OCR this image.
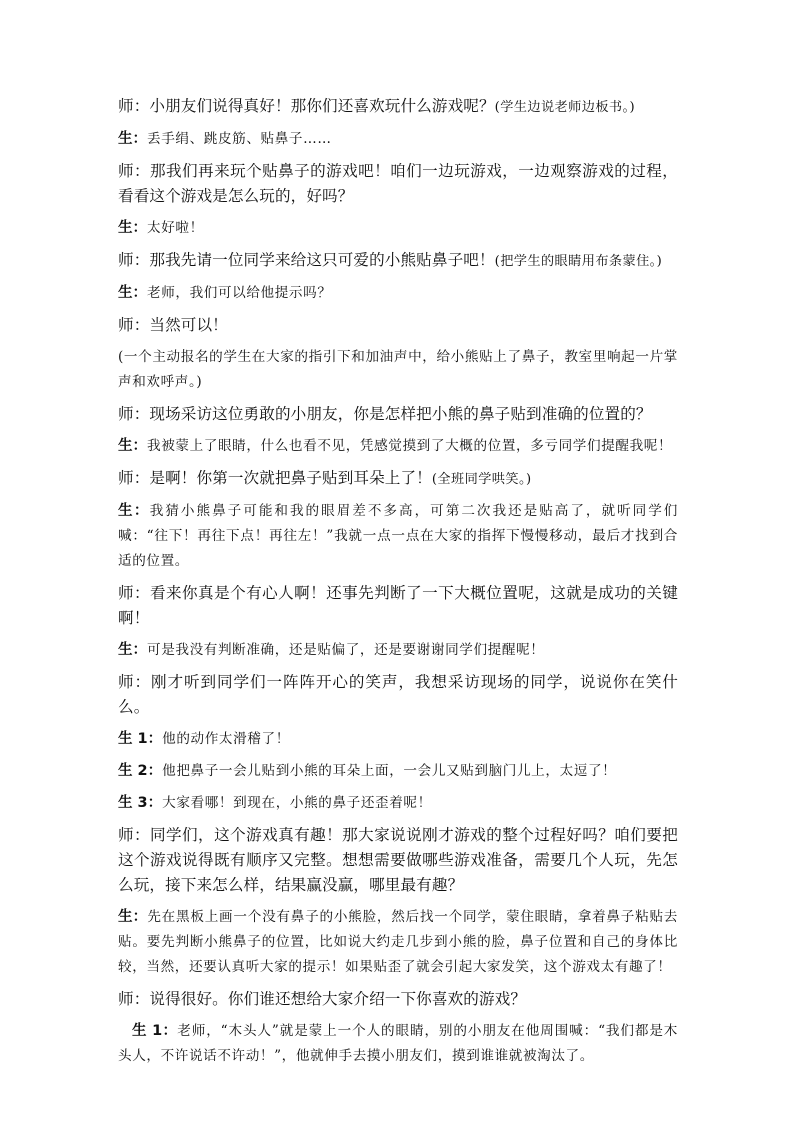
师：小朋友们说得真好！那你们还喜欢玩什么游戏呢？(学生边说老师边板书。)

生：丢手绢、跳皮筋、贴鼻子……

师：那我们再来玩个贴鼻子的游戏吧！咱们一边玩游戏，一边观察游戏的过程，看看这个游戏是怎么玩的，好吗？

生：太好啦！

师：那我先请一位同学来给这只可爱的小熊贴鼻子吧！(把学生的眼睛用布条蒙住。)

生：老师，我们可以给他提示吗？

师：当然可以！

(一个主动报名的学生在大家的指引下和加油声中，给小熊贴上了鼻子，教室里响起一片掌声和欢呼声。)

师：现场采访这位勇敢的小朋友，你是怎样把小熊的鼻子贴到准确的位置的？

生：我被蒙上了眼睛，什么也看不见，凭感觉摸到了大概的位置，多亏同学们提醒我呢！

师：是啊！你第一次就把鼻子贴到耳朵上了！(全班同学哄笑。)

生：我猜小熊鼻子可能和我的眼眉差不多高，可第二次我还是贴高了，就听同学们喊：“往下！再往下点！再往左！”我就一点一点在大家的指挥下慢慢移动，最后才找到合适的位置。

师：看来你真是个有心人啊！还事先判断了一下大概位置呢，这就是成功的关键啊！

生：可是我没有判断准确，还是贴偏了，还是要谢谢同学们提醒呢！

师：刚才听到同学们一阵阵开心的笑声，我想采访现场的同学，说说你在笑什么。

生 1：他的动作太滑稽了！

生 2：他把鼻子一会儿贴到小熊的耳朵上面，一会儿又贴到脑门儿上，太逗了！

生 3：大家看哪！到现在，小熊的鼻子还歪着呢！

师：同学们，这个游戏真有趣！那大家说说刚才游戏的整个过程好吗？咱们要把这个游戏说得既有顺序又完整。想想需要做哪些游戏准备，需要几个人玩，先怎么玩，接下来怎么样，结果赢没赢，哪里最有趣？

生：先在黑板上画一个没有鼻子的小熊脸，然后找一个同学，蒙住眼睛，拿着鼻子粘贴去贴。要先判断小熊鼻子的位置，比如说大约走几步到小熊的脸，鼻子位置和自己的身体比较，当然，还要认真听大家的提示！如果贴歪了就会引起大家发笑，这个游戏太有趣了！

师：说得很好。你们谁还想给大家介绍一下你喜欢的游戏？

生 1：老师，“木头人”就是蒙上一个人的眼睛，别的小朋友在他周围喊：“我们都是木头人，不许说话不许动！”，他就伸手去摸小朋友们，摸到谁谁就被淘汰了。
